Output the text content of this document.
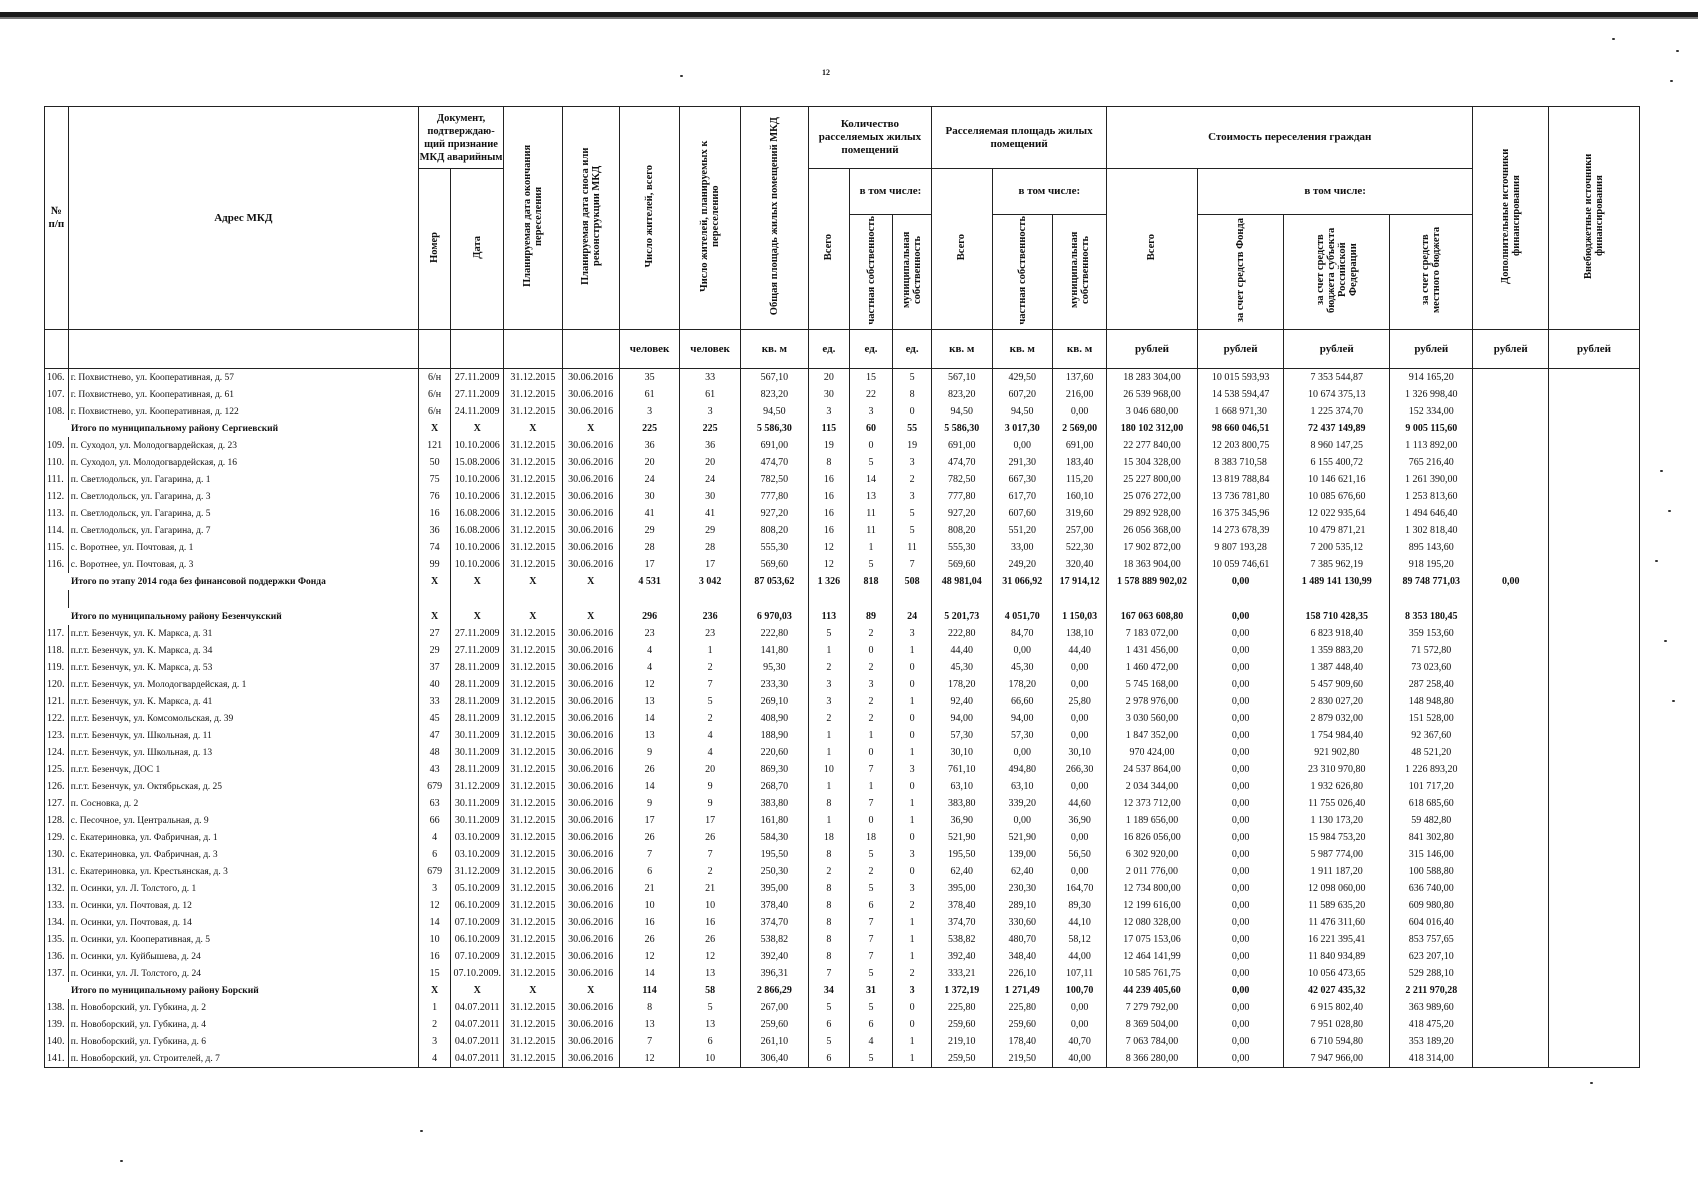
12
№ п/п	Адрес МКД	Документ, подтверждаю- щий признание МКД аварийным		Планируемая дата окончания переселения	Планируемая дата сноса или реконструкции МКД	Число жителей, всего	Число жителей, планируемых к переселению	Общая площадь жилых помещений МКД	Количество расселяемых жилых помещений			Расселяемая площадь жилых помещений			Стоимость переселения граждан				Дополнительные источники финансирования	Внебюджетные источники финансирования
		Номер	Дата						Всего	в том числе:		Всего	в том числе:		Всего	в том числе:				
										частная собственность	муниципальная собственность		частная собственность	муниципальная собственность		за счет средств Фонда	за счет средств бюджета субъекта Российской Федерации	за счет средств местного бюджета		
						человек	человек	кв. м	ед.	ед.	ед.	кв. м	кв. м	кв. м	рублей	рублей	рублей	рублей	рублей	рублей
106.	г. Похвистнево, ул. Кооперативная, д. 57	6/н	27.11.2009	31.12.2015	30.06.2016	35	33	567,10	20	15	5	567,10	429,50	137,60	18 283 304,00	10 015 593,93	7 353 544,87	914 165,20		
107.	г. Похвистнево, ул. Кооперативная, д. 61	6/н	27.11.2009	31.12.2015	30.06.2016	61	61	823,20	30	22	8	823,20	607,20	216,00	26 539 968,00	14 538 594,47	10 674 375,13	1 326 998,40		
108.	г. Похвистнево, ул. Кооперативная, д. 122	6/н	24.11.2009	31.12.2015	30.06.2016	3	3	94,50	3	3	0	94,50	94,50	0,00	3 046 680,00	1 668 971,30	1 225 374,70	152 334,00		
Итого по муниципальному району Сергиевский		X	X	X	X	225	225	5 586,30	115	60	55	5 586,30	3 017,30	2 569,00	180 102 312,00	98 660 046,51	72 437 149,89	9 005 115,60		
109.	п. Суходол, ул. Молодогвардейская, д. 23	121	10.10.2006	31.12.2015	30.06.2016	36	36	691,00	19	0	19	691,00	0,00	691,00	22 277 840,00	12 203 800,75	8 960 147,25	1 113 892,00		
110.	п. Суходол, ул. Молодогвардейская, д. 16	50	15.08.2006	31.12.2015	30.06.2016	20	20	474,70	8	5	3	474,70	291,30	183,40	15 304 328,00	8 383 710,58	6 155 400,72	765 216,40		
111.	п. Светлодольск, ул. Гагарина, д. 1	75	10.10.2006	31.12.2015	30.06.2016	24	24	782,50	16	14	2	782,50	667,30	115,20	25 227 800,00	13 819 788,84	10 146 621,16	1 261 390,00		
112.	п. Светлодольск, ул. Гагарина, д. 3	76	10.10.2006	31.12.2015	30.06.2016	30	30	777,80	16	13	3	777,80	617,70	160,10	25 076 272,00	13 736 781,80	10 085 676,60	1 253 813,60		
113.	п. Светлодольск, ул. Гагарина, д. 5	16	16.08.2006	31.12.2015	30.06.2016	41	41	927,20	16	11	5	927,20	607,60	319,60	29 892 928,00	16 375 345,96	12 022 935,64	1 494 646,40		
114.	п. Светлодольск, ул. Гагарина, д. 7	36	16.08.2006	31.12.2015	30.06.2016	29	29	808,20	16	11	5	808,20	551,20	257,00	26 056 368,00	14 273 678,39	10 479 871,21	1 302 818,40		
115.	с. Воротнее, ул. Почтовая, д. 1	74	10.10.2006	31.12.2015	30.06.2016	28	28	555,30	12	1	11	555,30	33,00	522,30	17 902 872,00	9 807 193,28	7 200 535,12	895 143,60		
116.	с. Воротнее, ул. Почтовая, д. 3	99	10.10.2006	31.12.2015	30.06.2016	17	17	569,60	12	5	7	569,60	249,20	320,40	18 363 904,00	10 059 746,61	7 385 962,19	918 195,20		
Итого по этапу 2014 года без финансовой поддержки Фонда		X	X	X	X	4 531	3 042	87 053,62	1 326	818	508	48 981,04	31 066,92	17 914,12	1 578 889 902,02	0,00	1 489 141 130,99	89 748 771,03	0,00	

Итого по муниципальному району Безенчукский		X	X	X	X	296	236	6 970,03	113	89	24	5 201,73	4 051,70	1 150,03	167 063 608,80	0,00	158 710 428,35	8 353 180,45		
117.	п.г.т. Безенчук, ул. К. Маркса, д. 31	27	27.11.2009	31.12.2015	30.06.2016	23	23	222,80	5	2	3	222,80	84,70	138,10	7 183 072,00	0,00	6 823 918,40	359 153,60		
118.	п.г.т. Безенчук, ул. К. Маркса, д. 34	29	27.11.2009	31.12.2015	30.06.2016	4	1	141,80	1	0	1	44,40	0,00	44,40	1 431 456,00	0,00	1 359 883,20	71 572,80		
119.	п.г.т. Безенчук, ул. К. Маркса, д. 53	37	28.11.2009	31.12.2015	30.06.2016	4	2	95,30	2	2	0	45,30	45,30	0,00	1 460 472,00	0,00	1 387 448,40	73 023,60		
120.	п.г.т. Безенчук, ул. Молодогвардейская, д. 1	40	28.11.2009	31.12.2015	30.06.2016	12	7	233,30	3	3	0	178,20	178,20	0,00	5 745 168,00	0,00	5 457 909,60	287 258,40		
121.	п.г.т. Безенчук, ул. К. Маркса, д. 41	33	28.11.2009	31.12.2015	30.06.2016	13	5	269,10	3	2	1	92,40	66,60	25,80	2 978 976,00	0,00	2 830 027,20	148 948,80		
122.	п.г.т. Безенчук, ул. Комсомольская, д. 39	45	28.11.2009	31.12.2015	30.06.2016	14	2	408,90	2	2	0	94,00	94,00	0,00	3 030 560,00	0,00	2 879 032,00	151 528,00		
123.	п.г.т. Безенчук, ул. Школьная, д. 11	47	30.11.2009	31.12.2015	30.06.2016	13	4	188,90	1	1	0	57,30	57,30	0,00	1 847 352,00	0,00	1 754 984,40	92 367,60		
124.	п.г.т. Безенчук, ул. Школьная, д. 13	48	30.11.2009	31.12.2015	30.06.2016	9	4	220,60	1	0	1	30,10	0,00	30,10	970 424,00	0,00	921 902,80	48 521,20		
125.	п.г.т. Безенчук, ДОС 1	43	28.11.2009	31.12.2015	30.06.2016	26	20	869,30	10	7	3	761,10	494,80	266,30	24 537 864,00	0,00	23 310 970,80	1 226 893,20		
126.	п.г.т. Безенчук, ул. Октябрьская, д. 25	679	31.12.2009	31.12.2015	30.06.2016	14	9	268,70	1	1	0	63,10	63,10	0,00	2 034 344,00	0,00	1 932 626,80	101 717,20		
127.	п. Сосновка, д. 2	63	30.11.2009	31.12.2015	30.06.2016	9	9	383,80	8	7	1	383,80	339,20	44,60	12 373 712,00	0,00	11 755 026,40	618 685,60		
128.	с. Песочное, ул. Центральная, д. 9	66	30.11.2009	31.12.2015	30.06.2016	17	17	161,80	1	0	1	36,90	0,00	36,90	1 189 656,00	0,00	1 130 173,20	59 482,80		
129.	с. Екатериновка, ул. Фабричная, д. 1	4	03.10.2009	31.12.2015	30.06.2016	26	26	584,30	18	18	0	521,90	521,90	0,00	16 826 056,00	0,00	15 984 753,20	841 302,80		
130.	с. Екатериновка, ул. Фабричная, д. 3	6	03.10.2009	31.12.2015	30.06.2016	7	7	195,50	8	5	3	195,50	139,00	56,50	6 302 920,00	0,00	5 987 774,00	315 146,00		
131.	с. Екатериновка, ул. Крестьянская, д. 3	679	31.12.2009	31.12.2015	30.06.2016	6	2	250,30	2	2	0	62,40	62,40	0,00	2 011 776,00	0,00	1 911 187,20	100 588,80		
132.	п. Осинки, ул. Л. Толстого, д. 1	3	05.10.2009	31.12.2015	30.06.2016	21	21	395,00	8	5	3	395,00	230,30	164,70	12 734 800,00	0,00	12 098 060,00	636 740,00		
133.	п. Осинки, ул. Почтовая, д. 12	12	06.10.2009	31.12.2015	30.06.2016	10	10	378,40	8	6	2	378,40	289,10	89,30	12 199 616,00	0,00	11 589 635,20	609 980,80		
134.	п. Осинки, ул. Почтовая, д. 14	14	07.10.2009	31.12.2015	30.06.2016	16	16	374,70	8	7	1	374,70	330,60	44,10	12 080 328,00	0,00	11 476 311,60	604 016,40		
135.	п. Осинки, ул. Кооперативная, д. 5	10	06.10.2009	31.12.2015	30.06.2016	26	26	538,82	8	7	1	538,82	480,70	58,12	17 075 153,06	0,00	16 221 395,41	853 757,65		
136.	п. Осинки, ул. Куйбышева, д. 24	16	07.10.2009	31.12.2015	30.06.2016	12	12	392,40	8	7	1	392,40	348,40	44,00	12 464 141,99	0,00	11 840 934,89	623 207,10		
137.	п. Осинки, ул. Л. Толстого, д. 24	15	07.10.2009.	31.12.2015	30.06.2016	14	13	396,31	7	5	2	333,21	226,10	107,11	10 585 761,75	0,00	10 056 473,65	529 288,10		
Итого по муниципальному району Борский		X	X	X	X	114	58	2 866,29	34	31	3	1 372,19	1 271,49	100,70	44 239 405,60	0,00	42 027 435,32	2 211 970,28		
138.	п. Новоборский, ул. Губкина, д. 2	1	04.07.2011	31.12.2015	30.06.2016	8	5	267,00	5	5	0	225,80	225,80	0,00	7 279 792,00	0,00	6 915 802,40	363 989,60		
139.	п. Новоборский, ул. Губкина, д. 4	2	04.07.2011	31.12.2015	30.06.2016	13	13	259,60	6	6	0	259,60	259,60	0,00	8 369 504,00	0,00	7 951 028,80	418 475,20		
140.	п. Новоборский, ул. Губкина, д. 6	3	04.07.2011	31.12.2015	30.06.2016	7	6	261,10	5	4	1	219,10	178,40	40,70	7 063 784,00	0,00	6 710 594,80	353 189,20		
141.	п. Новоборский, ул. Строителей, д. 7	4	04.07.2011	31.12.2015	30.06.2016	12	10	306,40	6	5	1	259,50	219,50	40,00	8 366 280,00	0,00	7 947 966,00	418 314,00		
